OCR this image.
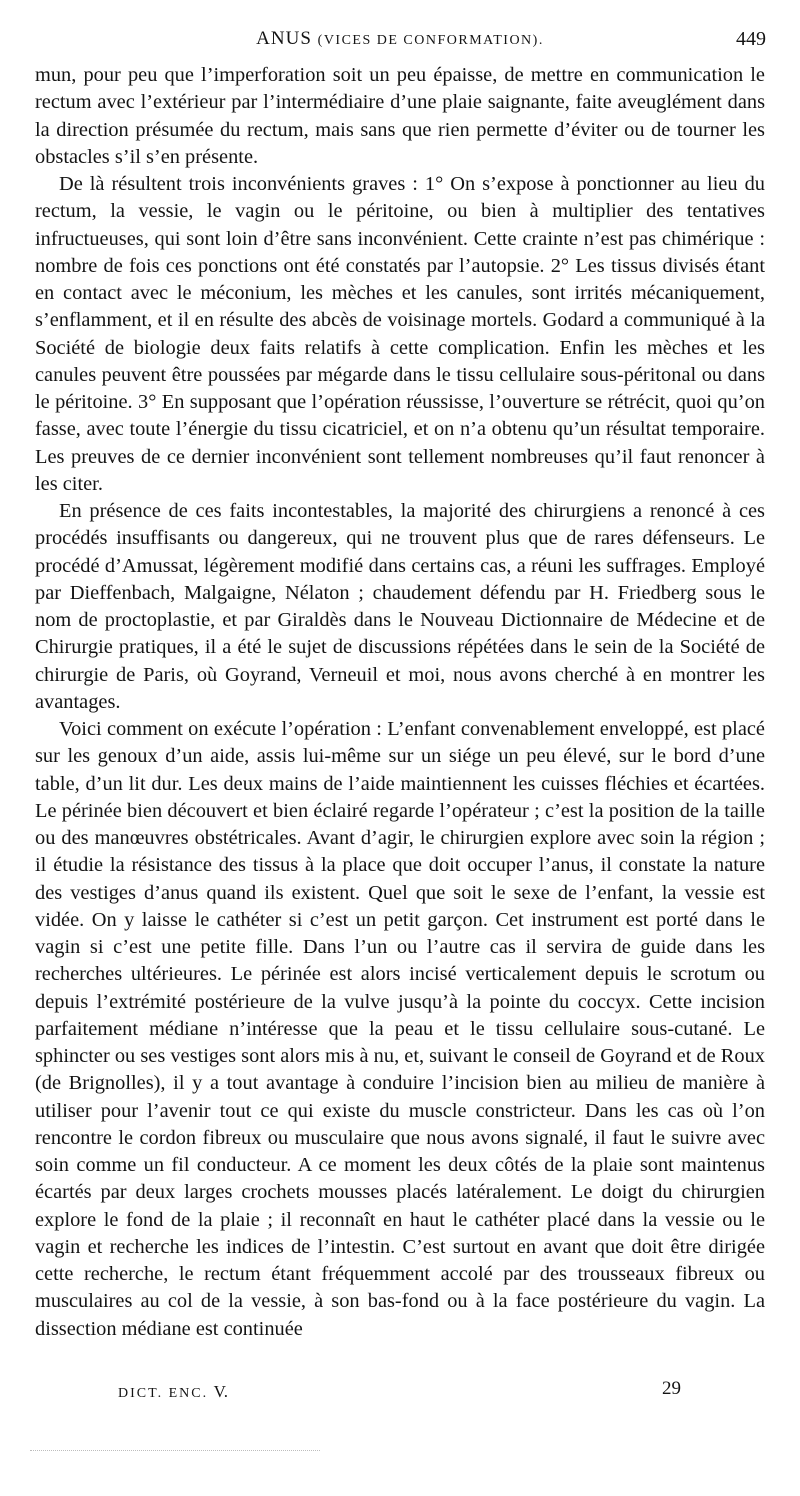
ANUS (VICES DE CONFORMATION).	449

mun, pour peu que l’imperforation soit un peu épaisse, de mettre en communication le rectum avec l’extérieur par l’intermédiaire d’une plaie saignante, faite aveuglément dans la direction présumée du rectum, mais sans que rien permette d’éviter ou de tourner les obstacles s’il s’en présente.

De là résultent trois inconvénients graves : 1° On s’expose à ponctionner au lieu du rectum, la vessie, le vagin ou le péritoine, ou bien à multiplier des tentatives infructueuses, qui sont loin d’être sans inconvénient. Cette crainte n’est pas chimérique : nombre de fois ces ponctions ont été constatés par l’autopsie. 2° Les tissus divisés étant en contact avec le méconium, les mèches et les canules, sont irrités mécaniquement, s’enflamment, et il en résulte des abcès de voisinage mortels. Godard a communiqué à la Société de biologie deux faits relatifs à cette complication. Enfin les mèches et les canules peuvent être poussées par mégarde dans le tissu cellulaire sous-péritonal ou dans le péritoine. 3° En supposant que l’opération réussisse, l’ouverture se rétrécit, quoi qu’on fasse, avec toute l’énergie du tissu cicatriciel, et on n’a obtenu qu’un résultat temporaire. Les preuves de ce dernier inconvénient sont tellement nombreuses qu’il faut renoncer à les citer.

En présence de ces faits incontestables, la majorité des chirurgiens a renoncé à ces procédés insuffisants ou dangereux, qui ne trouvent plus que de rares défenseurs. Le procédé d’Amussat, légèrement modifié dans certains cas, a réuni les suffrages. Employé par Dieffenbach, Malgaigne, Nélaton ; chaudement défendu par H. Friedberg sous le nom de proctoplastie, et par Giraldès dans le Nouveau Dictionnaire de Médecine et de Chirurgie pratiques, il a été le sujet de discussions répétées dans le sein de la Société de chirurgie de Paris, où Goyrand, Verneuil et moi, nous avons cherché à en montrer les avantages.

Voici comment on exécute l’opération : L’enfant convenablement enveloppé, est placé sur les genoux d’un aide, assis lui-même sur un siége un peu élevé, sur le bord d’une table, d’un lit dur. Les deux mains de l’aide maintiennent les cuisses fléchies et écartées. Le périnée bien découvert et bien éclairé regarde l’opérateur ; c’est la position de la taille ou des manœuvres obstétricales. Avant d’agir, le chirurgien explore avec soin la région ; il étudie la résistance des tissus à la place que doit occuper l’anus, il constate la nature des vestiges d’anus quand ils existent. Quel que soit le sexe de l’enfant, la vessie est vidée. On y laisse le cathéter si c’est un petit garçon. Cet instrument est porté dans le vagin si c’est une petite fille. Dans l’un ou l’autre cas il servira de guide dans les recherches ultérieures. Le périnée est alors incisé verticalement depuis le scrotum ou depuis l’extrémité postérieure de la vulve jusqu’à la pointe du coccyx. Cette incision parfaitement médiane n’intéresse que la peau et le tissu cellulaire sous-cutané. Le sphincter ou ses vestiges sont alors mis à nu, et, suivant le conseil de Goyrand et de Roux (de Brignolles), il y a tout avantage à conduire l’incision bien au milieu de manière à utiliser pour l’avenir tout ce qui existe du muscle constricteur. Dans les cas où l’on rencontre le cordon fibreux ou musculaire que nous avons signalé, il faut le suivre avec soin comme un fil conducteur. A ce moment les deux côtés de la plaie sont maintenus écartés par deux larges crochets mousses placés latéralement. Le doigt du chirurgien explore le fond de la plaie ; il reconnaît en haut le cathéter placé dans la vessie ou le vagin et recherche les indices de l’intestin. C’est surtout en avant que doit être dirigée cette recherche, le rectum étant fréquemment accolé par des trousseaux fibreux ou musculaires au col de la vessie, à son bas-fond ou à la face postérieure du vagin. La dissection médiane est continuée

DICT. ENC. V.	29
